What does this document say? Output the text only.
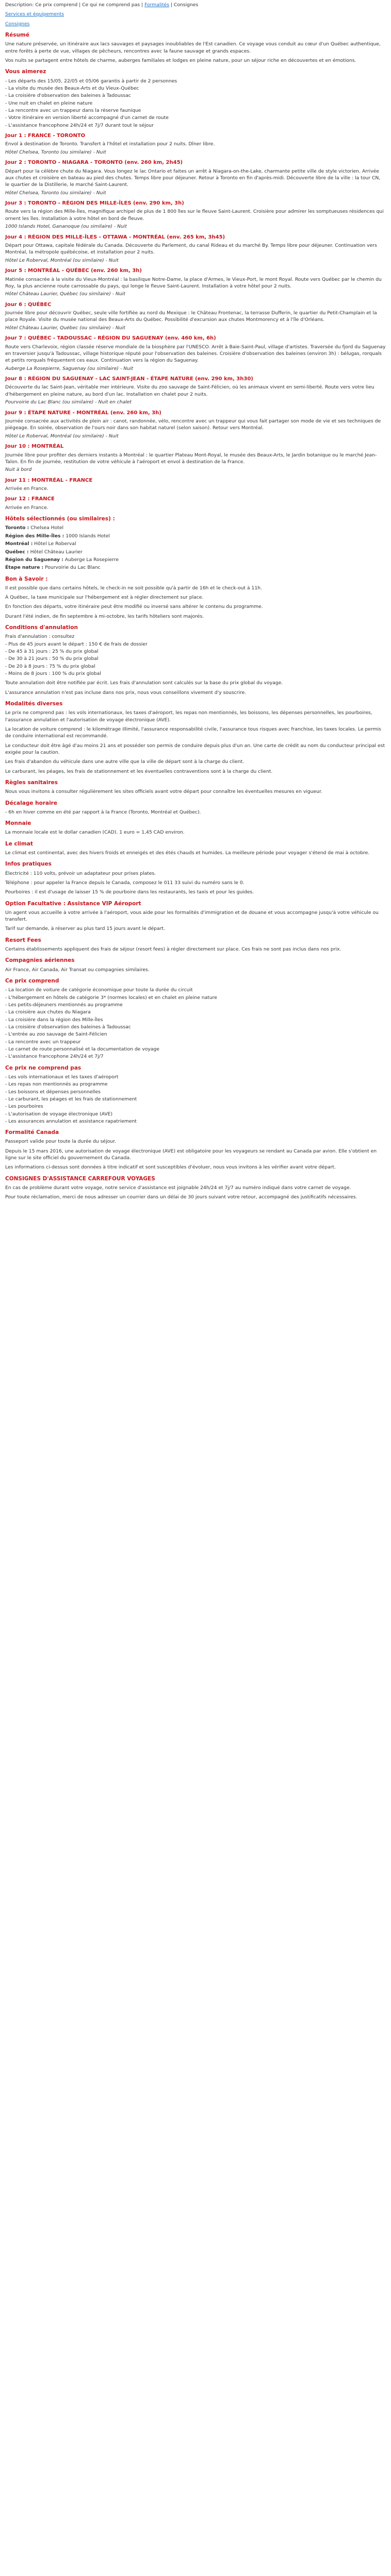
Description: Ce prix comprend | Ce qui ne comprend pas | Formalités | Consignes
Services et équipements
Consignes
Résumé
Une nature préservée, un itinéraire aux lacs sauvages et paysages inoubliables de l'Est canadien. Ce voyage vous conduit au cœur d'un Québec authentique, entre forêts à perte de vue, villages de pêcheurs, rencontres avec la faune sauvage et grands espaces.
Vos nuits se partagent entre hôtels de charme, auberges familiales et lodges en pleine nature, pour un séjour riche en découvertes et en émotions.
Vous aimerez
- Les départs des 15/05, 22/05 et 05/06 garantis à partir de 2 personnes
- La visite du musée des Beaux-Arts et du Vieux-Québec
- La croisière d'observation des baleines à Tadoussac
- Une nuit en chalet en pleine nature
- La rencontre avec un trappeur dans la réserve faunique
- Votre itinéraire en version liberté accompagné d'un carnet de route
- L'assistance francophone 24h/24 et 7j/7 durant tout le séjour
Jour 1 : FRANCE - TORONTO
Envol à destination de Toronto. Transfert à l'hôtel et installation pour 2 nuits. Dîner libre.
Hôtel Chelsea, Toronto (ou similaire) - Nuit
Jour 2 : TORONTO - NIAGARA - TORONTO (env. 260 km, 2h45)
Départ pour la célèbre chute du Niagara. Vous longez le lac Ontario et faites un arrêt à Niagara-on-the-Lake, charmante petite ville de style victorien. Arrivée aux chutes et croisière en bateau au pied des chutes. Temps libre pour déjeuner. Retour à Toronto en fin d'après-midi. Découverte libre de la ville : la tour CN, le quartier de la Distillerie, le marché Saint-Laurent.
Hôtel Chelsea, Toronto (ou similaire) - Nuit
Jour 3 : TORONTO - RÉGION DES MILLE-ÎLES (env. 290 km, 3h)
Route vers la région des Mille-Îles, magnifique archipel de plus de 1 800 îles sur le fleuve Saint-Laurent. Croisière pour admirer les somptueuses résidences qui ornent les îles. Installation à votre hôtel en bord de fleuve.
1000 Islands Hotel, Gananoque (ou similaire) - Nuit
Jour 4 : RÉGION DES MILLE-ÎLES - OTTAWA - MONTRÉAL (env. 265 km, 3h45)
Départ pour Ottawa, capitale fédérale du Canada. Découverte du Parlement, du canal Rideau et du marché By. Temps libre pour déjeuner. Continuation vers Montréal, la métropole québécoise, et installation pour 2 nuits.
Hôtel Le Roberval, Montréal (ou similaire) - Nuit
Jour 5 : MONTRÉAL - QUÉBEC (env. 260 km, 3h)
Matinée consacrée à la visite du Vieux-Montréal : la basilique Notre-Dame, la place d'Armes, le Vieux-Port, le mont Royal. Route vers Québec par le chemin du Roy, la plus ancienne route carrossable du pays, qui longe le fleuve Saint-Laurent. Installation à votre hôtel pour 2 nuits.
Hôtel Château Laurier, Québec (ou similaire) - Nuit
Jour 6 : QUÉBEC
Journée libre pour découvrir Québec, seule ville fortifiée au nord du Mexique : le Château Frontenac, la terrasse Dufferin, le quartier du Petit-Champlain et la place Royale. Visite du musée national des Beaux-Arts du Québec. Possibilité d'excursion aux chutes Montmorency et à l'île d'Orléans.
Hôtel Château Laurier, Québec (ou similaire) - Nuit
Jour 7 : QUÉBEC - TADOUSSAC - RÉGION DU SAGUENAY (env. 460 km, 6h)
Route vers Charlevoix, région classée réserve mondiale de la biosphère par l'UNESCO. Arrêt à Baie-Saint-Paul, village d'artistes. Traversée du fjord du Saguenay en traversier jusqu'à Tadoussac, village historique réputé pour l'observation des baleines. Croisière d'observation des baleines (environ 3h) : bélugas, rorquals et petits rorquals fréquentent ces eaux. Continuation vers la région du Saguenay.
Auberge La Rosepierre, Saguenay (ou similaire) - Nuit
Jour 8 : RÉGION DU SAGUENAY - LAC SAINT-JEAN - ÉTAPE NATURE (env. 290 km, 3h30)
Découverte du lac Saint-Jean, véritable mer intérieure. Visite du zoo sauvage de Saint-Félicien, où les animaux vivent en semi-liberté. Route vers votre lieu d'hébergement en pleine nature, au bord d'un lac. Installation en chalet pour 2 nuits.
Pourvoirie du Lac Blanc (ou similaire) - Nuit en chalet
Jour 9 : ÉTAPE NATURE - MONTRÉAL (env. 260 km, 3h)
Journée consacrée aux activités de plein air : canot, randonnée, vélo, rencontre avec un trappeur qui vous fait partager son mode de vie et ses techniques de piégeage. En soirée, observation de l'ours noir dans son habitat naturel (selon saison). Retour vers Montréal.
Hôtel Le Roberval, Montréal (ou similaire) - Nuit
Jour 10 : MONTRÉAL
Journée libre pour profiter des derniers instants à Montréal : le quartier Plateau Mont-Royal, le musée des Beaux-Arts, le Jardin botanique ou le marché Jean-Talon. En fin de journée, restitution de votre véhicule à l'aéroport et envol à destination de la France.
Nuit à bord
Jour 11 : MONTRÉAL - FRANCE
Arrivée en France.
Jour 12 : FRANCE
Arrivée en France.
Hôtels sélectionnés (ou similaires) :
Toronto : Chelsea Hotel
Région des Mille-Îles : 1000 Islands Hotel
Montréal : Hôtel Le Roberval
Québec : Hôtel Château Laurier
Région du Saguenay : Auberge La Rosepierre
Étape nature : Pourvoirie du Lac Blanc
Bon à Savoir :
Il est possible que dans certains hôtels, le check-in ne soit possible qu'à partir de 16h et le check-out à 11h.
À Québec, la taxe municipale sur l'hébergement est à régler directement sur place.
En fonction des départs, votre itinéraire peut être modifié ou inversé sans altérer le contenu du programme.
Durant l'été indien, de fin septembre à mi-octobre, les tarifs hôteliers sont majorés.
Conditions d'annulation
Frais d'annulation : consultez
- Plus de 45 jours avant le départ : 150 € de frais de dossier
- De 45 à 31 jours : 25 % du prix global
- De 30 à 21 jours : 50 % du prix global
- De 20 à 8 jours : 75 % du prix global
- Moins de 8 jours : 100 % du prix global
Toute annulation doit être notifiée par écrit. Les frais d'annulation sont calculés sur la base du prix global du voyage.
L'assurance annulation n'est pas incluse dans nos prix, nous vous conseillons vivement d'y souscrire.
Modalités diverses
Le prix ne comprend pas : les vols internationaux, les taxes d'aéroport, les repas non mentionnés, les boissons, les dépenses personnelles, les pourboires, l'assurance annulation et l'autorisation de voyage électronique (AVE).
La location de voiture comprend : le kilométrage illimité, l'assurance responsabilité civile, l'assurance tous risques avec franchise, les taxes locales. Le permis de conduire international est recommandé.
Le conducteur doit être âgé d'au moins 21 ans et posséder son permis de conduire depuis plus d'un an. Une carte de crédit au nom du conducteur principal est exigée pour la caution.
Les frais d'abandon du véhicule dans une autre ville que la ville de départ sont à la charge du client.
Le carburant, les péages, les frais de stationnement et les éventuelles contraventions sont à la charge du client.
Règles sanitaires
Nous vous invitons à consulter régulièrement les sites officiels avant votre départ pour connaître les éventuelles mesures en vigueur.
Décalage horaire
- 6h en hiver comme en été par rapport à la France (Toronto, Montréal et Québec).
Monnaie
La monnaie locale est le dollar canadien (CAD). 1 euro = 1,45 CAD environ.
Le climat
Le climat est continental, avec des hivers froids et enneigés et des étés chauds et humides. La meilleure période pour voyager s'étend de mai à octobre.
Infos pratiques
Électricité : 110 volts, prévoir un adaptateur pour prises plates.
Téléphone : pour appeler la France depuis le Canada, composez le 011 33 suivi du numéro sans le 0.
Pourboires : il est d'usage de laisser 15 % de pourboire dans les restaurants, les taxis et pour les guides.
Option Facultative : Assistance VIP Aéroport
Un agent vous accueille à votre arrivée à l'aéroport, vous aide pour les formalités d'immigration et de douane et vous accompagne jusqu'à votre véhicule ou transfert.
Tarif sur demande, à réserver au plus tard 15 jours avant le départ.
Resort Fees
Certains établissements appliquent des frais de séjour (resort fees) à régler directement sur place. Ces frais ne sont pas inclus dans nos prix.
Compagnies aériennes
Air France, Air Canada, Air Transat ou compagnies similaires.
Ce prix comprend
- La location de voiture de catégorie économique pour toute la durée du circuit
- L'hébergement en hôtels de catégorie 3* (normes locales) et en chalet en pleine nature
- Les petits-déjeuners mentionnés au programme
- La croisière aux chutes du Niagara
- La croisière dans la région des Mille-Îles
- La croisière d'observation des baleines à Tadoussac
- L'entrée au zoo sauvage de Saint-Félicien
- La rencontre avec un trappeur
- Le carnet de route personnalisé et la documentation de voyage
- L'assistance francophone 24h/24 et 7j/7
Ce prix ne comprend pas
- Les vols internationaux et les taxes d'aéroport
- Les repas non mentionnés au programme
- Les boissons et dépenses personnelles
- Le carburant, les péages et les frais de stationnement
- Les pourboires
- L'autorisation de voyage électronique (AVE)
- Les assurances annulation et assistance rapatriement
Formalité Canada
Passeport valide pour toute la durée du séjour.
Depuis le 15 mars 2016, une autorisation de voyage électronique (AVE) est obligatoire pour les voyageurs se rendant au Canada par avion. Elle s'obtient en ligne sur le site officiel du gouvernement du Canada.
Les informations ci-dessus sont données à titre indicatif et sont susceptibles d'évoluer, nous vous invitons à les vérifier avant votre départ.
CONSIGNES D'ASSISTANCE CARREFOUR VOYAGES
En cas de problème durant votre voyage, notre service d'assistance est joignable 24h/24 et 7j/7 au numéro indiqué dans votre carnet de voyage.
Pour toute réclamation, merci de nous adresser un courrier dans un délai de 30 jours suivant votre retour, accompagné des justificatifs nécessaires.
